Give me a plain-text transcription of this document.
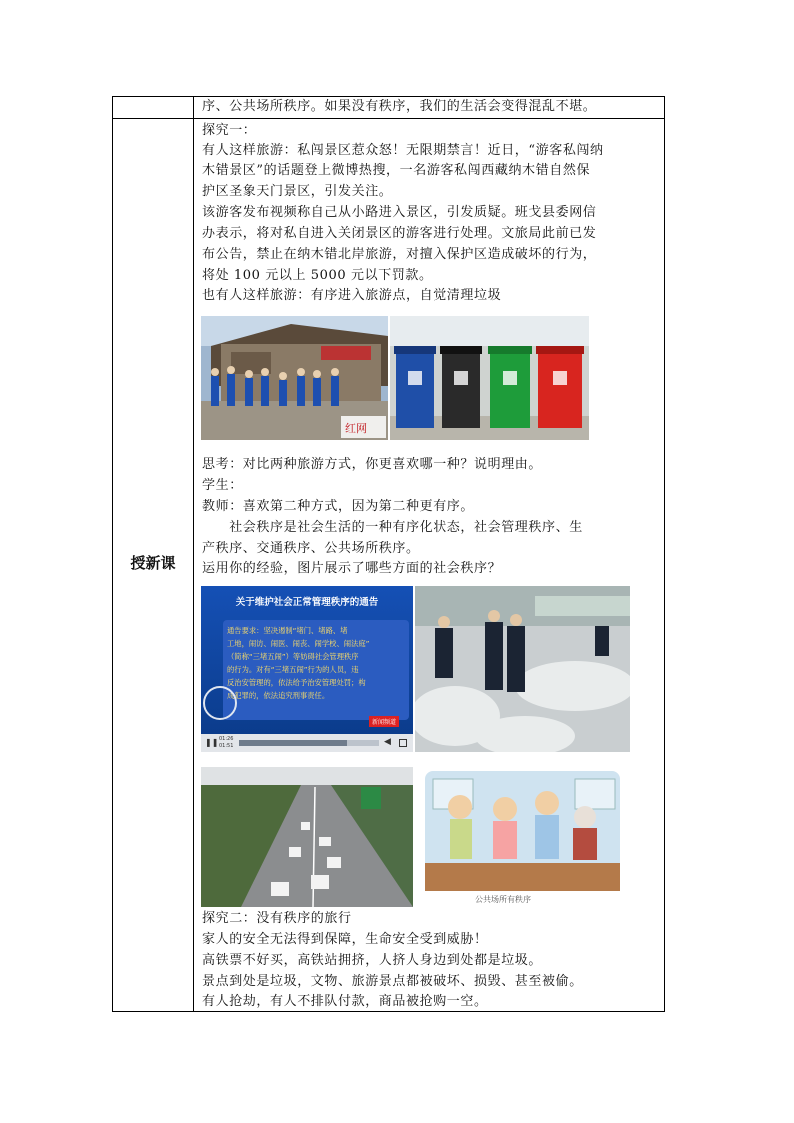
序、公共场所秩序。如果没有秩序，我们的生活会变得混乱不堪。
授新课
探究一：
有人这样旅游：私闯景区惹众怒！无限期禁言！近日，“游客私闯纳
木错景区”的话题登上微博热搜，一名游客私闯西藏纳木错自然保
护区圣象天门景区，引发关注。
该游客发布视频称自己从小路进入景区，引发质疑。班戈县委网信
办表示，将对私自进入关闭景区的游客进行处理。文旅局此前已发
布公告，禁止在纳木错北岸旅游，对擅入保护区造成破坏的行为，
将处 100 元以上 5000 元以下罚款。
也有人这样旅游：有序进入旅游点，自觉清理垃圾
红网
思考：对比两种旅游方式，你更喜欢哪一种？说明理由。
学生：
教师：喜欢第二种方式，因为第二种更有序。
　　社会秩序是社会生活的一种有序化状态，社会管理秩序、生
产秩序、交通秩序、公共场所秩序。
运用你的经验，图片展示了哪些方面的社会秩序？
关于维护社会正常管理秩序的通告
通告要求：坚决遏制“堵门、堵路、堵
工地，闹访、闹医、闹丧、闹学校、闹法庭”
（简称“三堵五闹”）等妨碍社会管理秩序
的行为。对有“三堵五闹”行为的人员，违
反治安管理的，依法给予治安管理处罚；构
成犯罪的，依法追究刑事责任。
新闻频道
❚❚ 01:26
01:51	◀
公共场所有秩序
探究二：没有秩序的旅行
家人的安全无法得到保障，生命安全受到威胁！
高铁票不好买，高铁站拥挤，人挤人身边到处都是垃圾。
景点到处是垃圾，文物、旅游景点都被破坏、损毁、甚至被偷。
有人抢劫，有人不排队付款，商品被抢购一空。
